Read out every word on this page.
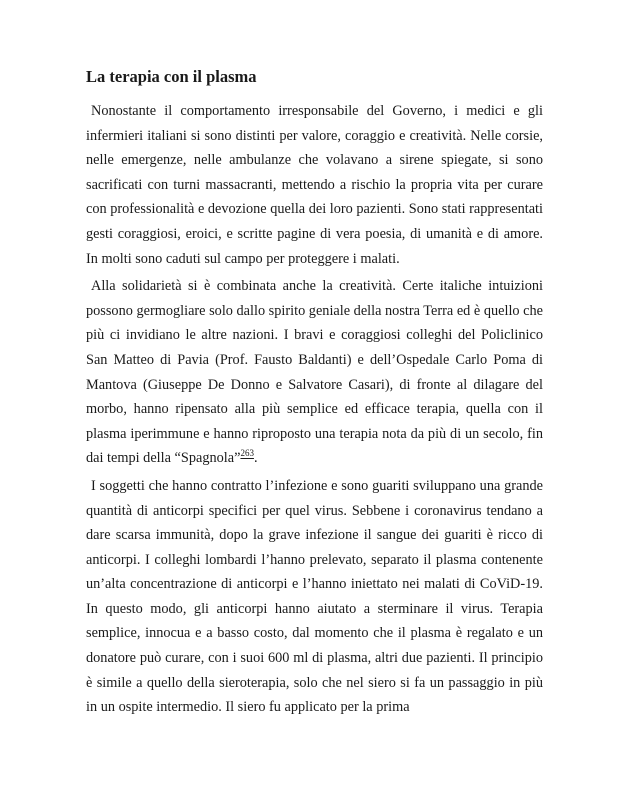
La terapia con il plasma

Nonostante il comportamento irresponsabile del Governo, i medici e gli infermieri italiani si sono distinti per valore, coraggio e creatività. Nelle corsie, nelle emergenze, nelle ambulanze che volavano a sirene spiegate, si sono sacrificati con turni massacranti, mettendo a rischio la propria vita per curare con professionalità e devozione quella dei loro pazienti. Sono stati rappresentati gesti coraggiosi, eroici, e scritte pagine di vera poesia, di umanità e di amore. In molti sono caduti sul campo per proteggere i malati.

Alla solidarietà si è combinata anche la creatività. Certe italiche intuizioni possono germogliare solo dallo spirito geniale della nostra Terra ed è quello che più ci invidiano le altre nazioni. I bravi e coraggiosi colleghi del Policlinico San Matteo di Pavia (Prof. Fausto Baldanti) e dell’Ospedale Carlo Poma di Mantova (Giuseppe De Donno e Salvatore Casari), di fronte al dilagare del morbo, hanno ripensato alla più semplice ed efficace terapia, quella con il plasma iperimmune e hanno riproposto una terapia nota da più di un secolo, fin dai tempi della “Spagnola”$^{263}$.

I soggetti che hanno contratto l’infezione e sono guariti sviluppano una grande quantità di anticorpi specifici per quel virus. Sebbene i coronavirus tendano a dare scarsa immunità, dopo la grave infezione il sangue dei guariti è ricco di anticorpi. I colleghi lombardi l’hanno prelevato, separato il plasma contenente un’alta concentrazione di anticorpi e l’hanno iniettato nei malati di CoViD-19. In questo modo, gli anticorpi hanno aiutato a sterminare il virus. Terapia semplice, innocua e a basso costo, dal momento che il plasma è regalato e un donatore può curare, con i suoi 600 ml di plasma, altri due pazienti. Il principio è simile a quello della sieroterapia, solo che nel siero si fa un passaggio in più in un ospite intermedio. Il siero fu applicato per la prima
